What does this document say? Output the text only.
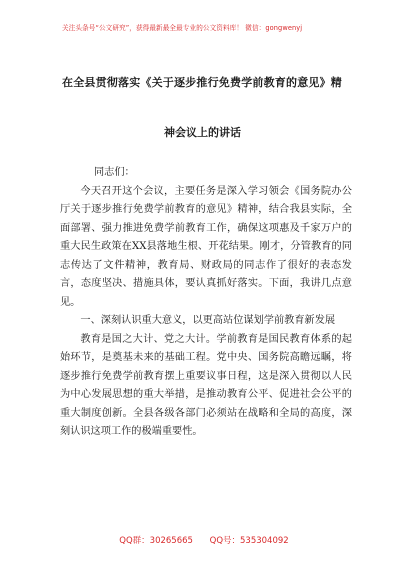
关注头条号“公文研究”，获得最新最全最专业的公文资料库！ 微信：gongwenyj
在全县贯彻落实《关于逐步推行免费学前教育的意见》精
神会议上的讲话

同志们：

今天召开这个会议，主要任务是深入学习领会《国务院办公厅关于逐步推行免费学前教育的意见》精神，结合我县实际，全面部署、强力推进免费学前教育工作，确保这项惠及千家万户的重大民生政策在XX县落地生根、开花结果。刚才，分管教育的同志传达了文件精神，教育局、财政局的同志作了很好的表态发言，态度坚决、措施具体，要认真抓好落实。下面，我讲几点意见。

一、深刻认识重大意义，以更高站位谋划学前教育新发展

教育是国之大计、党之大计。学前教育是国民教育体系的起始环节，是奠基未来的基础工程。党中央、国务院高瞻远瞩，将逐步推行免费学前教育摆上重要议事日程，这是深入贯彻以人民为中心发展思想的重大举措，是推动教育公平、促进社会公平的重大制度创新。全县各级各部门必须站在战略和全局的高度，深刻认识这项工作的极端重要性。

QQ群：30265665 QQ号：535304092
